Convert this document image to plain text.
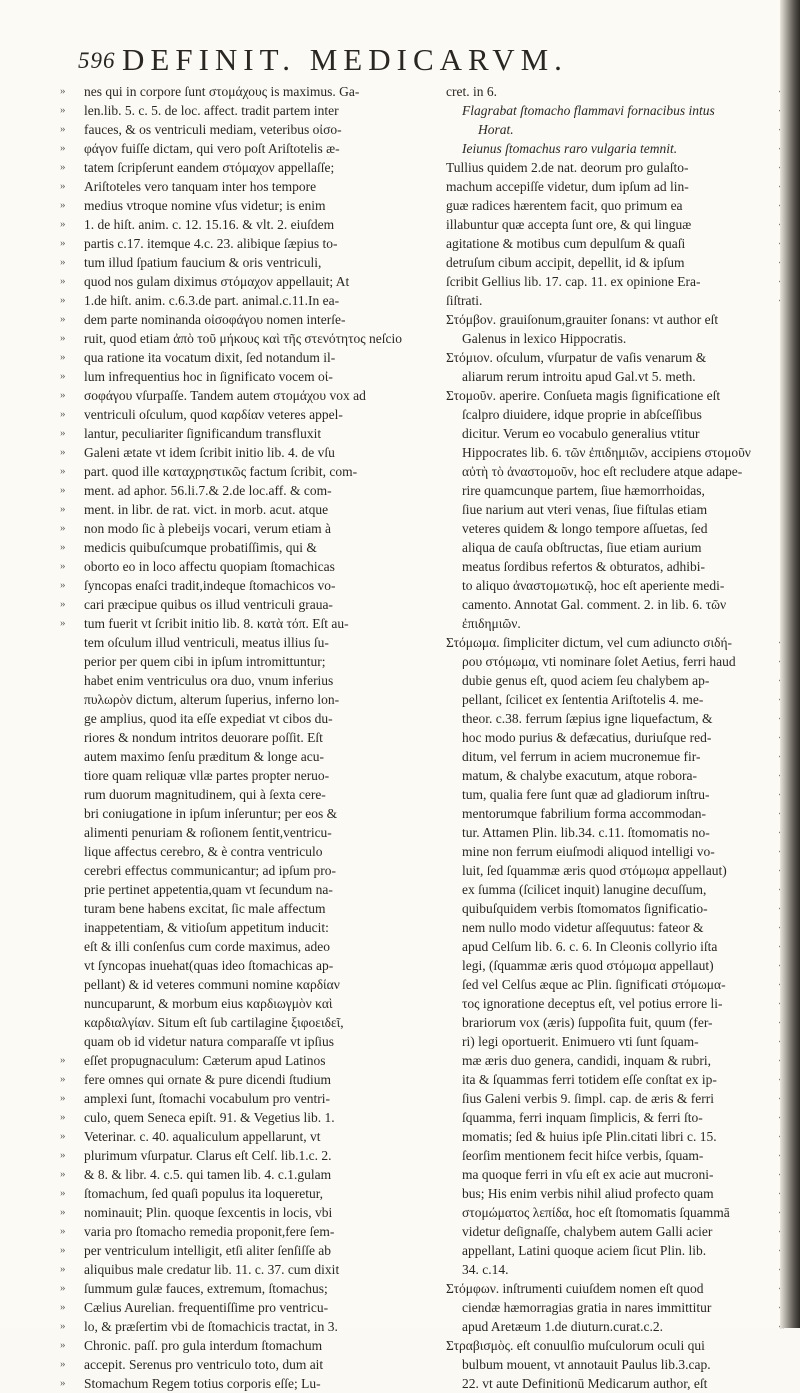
596 DEFINIT. MEDICARVM.
nes qui in corpore ſunt στομάχους is maximus. Ga-
»
len.lib. 5. c. 5. de loc. affect. tradit partem inter
»
fauces, & os ventriculi mediam, veteribus οἰσο-
»
φάγον fuiſſe dictam, qui vero poſt Ariſtotelis æ-
»
tatem ſcripſerunt eandem στόμαχον appellaſſe;
»
Ariſtoteles vero tanquam inter hos tempore
»
medius vtroque nomine vſus videtur; is enim
»
1. de hiſt. anim. c. 12. 15.16. & vlt. 2. eiuſdem
»
partis c.17. itemque 4.c. 23. alibique ſæpius to-
»
tum illud ſpatium faucium & oris ventriculi,
»
quod nos gulam diximus στόμαχον appellauit; At
»
1.de hiſt. anim. c.6.3.de part. animal.c.11.In ea-
»
dem parte nominanda οἰσοφάγου nomen interſe-
»
ruit, quod etiam ἀπὸ τοῦ μήκους καὶ τῆς στενότητος neſcio
»
qua ratione ita vocatum dixit, ſed notandum il-
»
lum infrequentius hoc in ſignificato vocem οἰ-
»
σοφάγου vſurpaſſe. Tandem autem στομάχου vox ad
»
ventriculi oſculum, quod καρδίαν veteres appel-
»
lantur, peculiariter ſignificandum transfluxit
»
Galeni ætate vt idem ſcribit initio lib. 4. de vſu
»
part. quod ille καταχρηστικῶς factum ſcribit, com-
»
ment. ad aphor. 56.li.7.& 2.de loc.aff. & com-
»
ment. in libr. de rat. vict. in morb. acut. atque
»
non modo ſic à plebeijs vocari, verum etiam à
»
medicis quibuſcumque probatiſſimis, qui &
»
oborto eo in loco affectu quopiam ſtomachicas
»
ſyncopas enaſci tradit,indeque ſtomachicos vo-
»
cari præcipue quibus os illud ventriculi graua-
»
tum fuerit vt ſcribit initio lib. 8. κατὰ τόπ. Eſt au-
»
tem oſculum illud ventriculi, meatus illius ſu-
perior per quem cibi in ipſum intromittuntur;
habet enim ventriculus ora duo, vnum inferius
πυλωρὸν dictum, alterum ſuperius, inferno lon-
ge amplius, quod ita eſſe expediat vt cibos du-
riores & nondum intritos deuorare poſſit. Eſt
autem maximo ſenſu præditum & longe acu-
tiore quam reliquæ vllæ partes propter neruo-
rum duorum magnitudinem, qui à ſexta cere-
bri coniugatione in ipſum inſeruntur; per eos &
alimenti penuriam & roſionem ſentit,ventricu-
lique affectus cerebro, & è contra ventriculo
cerebri effectus communicantur; ad ipſum pro-
prie pertinet appetentia,quam vt ſecundum na-
turam bene habens excitat, ſic male affectum
inappetentiam, & vitioſum appetitum inducit:
eſt & illi conſenſus cum corde maximus, adeo
vt ſyncopas inuehat(quas ideo ſtomachicas ap-
pellant) & id veteres communi nomine καρδίαν
nuncuparunt, & morbum eius καρδιωγμὸν καὶ
καρδιαλγίαν. Situm eſt ſub cartilagine ξιφοειδεῖ,
quam ob id videtur natura comparaſſe vt ipſius
eſſet propugnaculum: Cæterum apud Latinos
»
fere omnes qui ornate & pure dicendi ſtudium
»
amplexi ſunt, ſtomachi vocabulum pro ventri-
»
culo, quem Seneca epiſt. 91. & Vegetius lib. 1.
»
Veterinar. c. 40. aqualiculum appellarunt, vt
»
plurimum vſurpatur. Clarus eſt Celſ. lib.1.c. 2.
»
& 8. & libr. 4. c.5. qui tamen lib. 4. c.1.gulam
»
ſtomachum, ſed quaſi populus ita loqueretur,
»
nominauit; Plin. quoque ſexcentis in locis, vbi
»
varia pro ſtomacho remedia proponit,fere ſem-
»
per ventriculum intelligit, etſi aliter ſenſiſſe ab
»
aliquibus male credatur lib. 11. c. 37. cum dixit
»
ſummum gulæ fauces, extremum, ſtomachus;
»
Cælius Aurelian. frequentiſſime pro ventricu-
»
lo, & præſertim vbi de ſtomachicis tractat, in 3.
»
Chronic. paſſ. pro gula interdum ſtomachum
»
accepit. Serenus pro ventriculo toto, dum ait
»
Stomachum Regem totius corporis eſſe; Lu-
»
cret. in 6.
Flagrabat ſtomacho flammavi fornacibus intus
Horat.
Ieiunus ſtomachus raro vulgaria temnit.
Tullius quidem 2.de nat. deorum pro gulaſto-
machum accepiſſe videtur, dum ipſum ad lin-
guæ radices hærentem facit, quo primum ea
illabuntur quæ accepta ſunt ore, & qui linguæ
agitatione & motibus cum depulſum & quaſi
detruſum cibum accipit, depellit, id & ipſum
ſcribit Gellius lib. 17. cap. 11. ex opinione Era-
ſiſtrati.
Στόμβον. grauiſonum,grauiter ſonans: vt author eſt
Galenus in lexico Hippocratis.
Στόμιον. oſculum, vſurpatur de vaſis venarum &
aliarum rerum introitu apud Gal.vt 5. meth.
Στομοῦν. aperire. Conſueta magis ſignificatione eſt
ſcalpro diuidere, idque proprie in abſceſſibus
dicitur. Verum eo vocabulo generalius vtitur
Hippocrates lib. 6. τῶν ἐπιδημιῶν, accipiens στομοῦν
αὐτὴ τὸ ἀναστομοῦν, hoc eſt recludere atque adape-
rire quamcunque partem, ſiue hæmorrhoidas,
ſiue narium aut vteri venas, ſiue fiſtulas etiam
veteres quidem & longo tempore aſſuetas, ſed
aliqua de cauſa obſtructas, ſiue etiam aurium
meatus ſordibus refertos & obturatos, adhibi-
to aliquo ἀναστομωτικῷ, hoc eſt aperiente medi-
camento. Annotat Gal. comment. 2. in lib. 6. τῶν
ἐπιδημιῶν.
Στόμωμα. ſimpliciter dictum, vel cum adiuncto σιδή-
ρου στόμωμα, vti nominare ſolet Aetius, ferri haud
dubie genus eſt, quod aciem ſeu chalybem ap-
pellant, ſcilicet ex ſententia Ariſtotelis 4. me-
theor. c.38. ferrum ſæpius igne liquefactum, &
hoc modo purius & defæcatius, duriuſque red-
ditum, vel ferrum in aciem mucronemue fir-
matum, & chalybe exacutum, atque robora-
tum, qualia fere ſunt quæ ad gladiorum inſtru-
mentorumque fabrilium forma accommodan-
tur. Attamen Plin. lib.34. c.11. ſtomomatis no-
mine non ferrum eiuſmodi aliquod intelligi vo-
luit, ſed ſquammæ æris quod στόμωμα appellaut)
ex ſumma (ſcilicet inquit) lanugine decuſſum,
quibuſquidem verbis ſtomomatos ſignificatio-
nem nullo modo videtur aſſequutus: fateor &
apud Celſum lib. 6. c. 6. In Cleonis collyrio iſta
legi, (ſquammæ æris quod στόμωμα appellaut)
ſed vel Celſus æque ac Plin. ſignificati στόμωμα-
τος ignoratione deceptus eſt, vel potius errore li-
brariorum vox (æris) ſuppoſita fuit, quum (fer-
ri) legi oportuerit. Enimuero vti ſunt ſquam-
mæ æris duo genera, candidi, inquam & rubri,
ita & ſquammas ferri totidem eſſe conſtat ex ip-
ſius Galeni verbis 9. ſimpl. cap. de æris & ferri
ſquamma, ferri inquam ſimplicis, & ferri ſto-
momatis; ſed & huius ipſe Plin.citati libri c. 15.
ſeorſim mentionem fecit hiſce verbis, ſquam-
ma quoque ferri in vſu eſt ex acie aut mucroni-
bus; His enim verbis nihil aliud profecto quam
στομώματος λεπίδα, hoc eſt ſtomomatis ſquammā
videtur deſignaſſe, chalybem autem Galli acier
appellant, Latini quoque aciem ſicut Plin. lib.
34. c.14.
Στόμφων. inſtrumenti cuiuſdem nomen eſt quod
ciendæ hæmorragias gratia in nares immittitur
apud Aretæum 1.de diuturn.curat.c.2.
Στραβισμὸς. eſt conuulſio muſculorum oculi qui
bulbum mouent, vt annotauit Paulus lib.3.cap.
22. vt aute Definitionū Medicarum author, eſt
